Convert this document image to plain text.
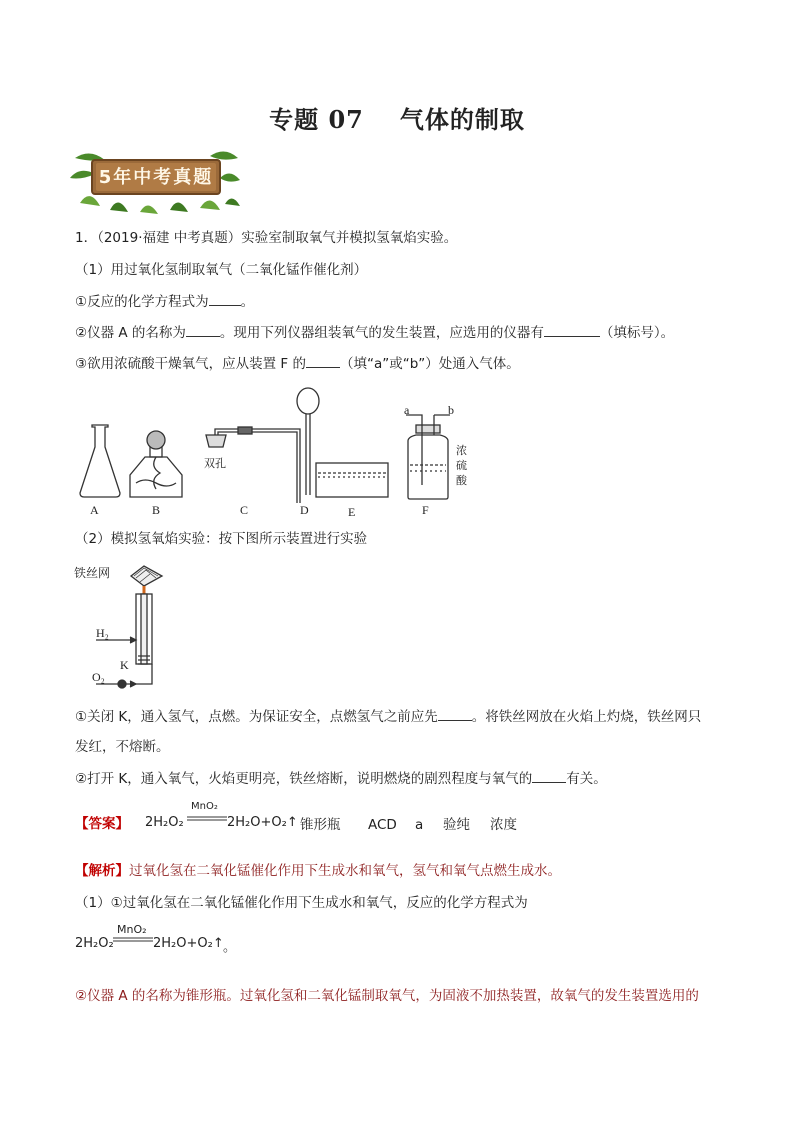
专题 07 气体的制取
5年中考真题
1．（2019·福建 中考真题）实验室制取氧气并模拟氢氧焰实验。
（1）用过氧化氢制取氧气（二氧化锰作催化剂）
①反应的化学方程式为 。
②仪器 A 的名称为	。现用下列仪器组装氧气的发生装置，应选用的仪器有	（填标号）。
③欲用浓硫酸干燥氧气，应从装置 F 的	（填“a”或“b”）处通入气体。
A	B	C	D	E	F
双孔
a	b
浓
硫
酸
（2）模拟氢氧焰实验：按下图所示装置进行实验
铁丝网
H₂
K
O₂
①关闭 K，通入氢气，点燃。为保证安全，点燃氢气之前应先	。将铁丝网放在火焰上灼烧，铁丝网只
发红，不熔断。
②打开 K，通入氧气，火焰更明亮，铁丝熔断，说明燃烧的剧烈程度与氧气的	有关。
【答案】 2H₂O₂
MnO₂
2H₂O+O₂↑ 锥形瓶 ACD a 验纯 浓度
【解析】过氧化氢在二氧化锰催化作用下生成水和氧气，氢气和氧气点燃生成水。
（1）①过氧化氢在二氧化锰催化作用下生成水和氧气，反应的化学方程式为
2H₂O₂
MnO₂
2H₂O+O₂↑ 。
②仪器 A 的名称为锥形瓶。过氧化氢和二氧化锰制取氧气，为固液不加热装置，故氧气的发生装置选用的
